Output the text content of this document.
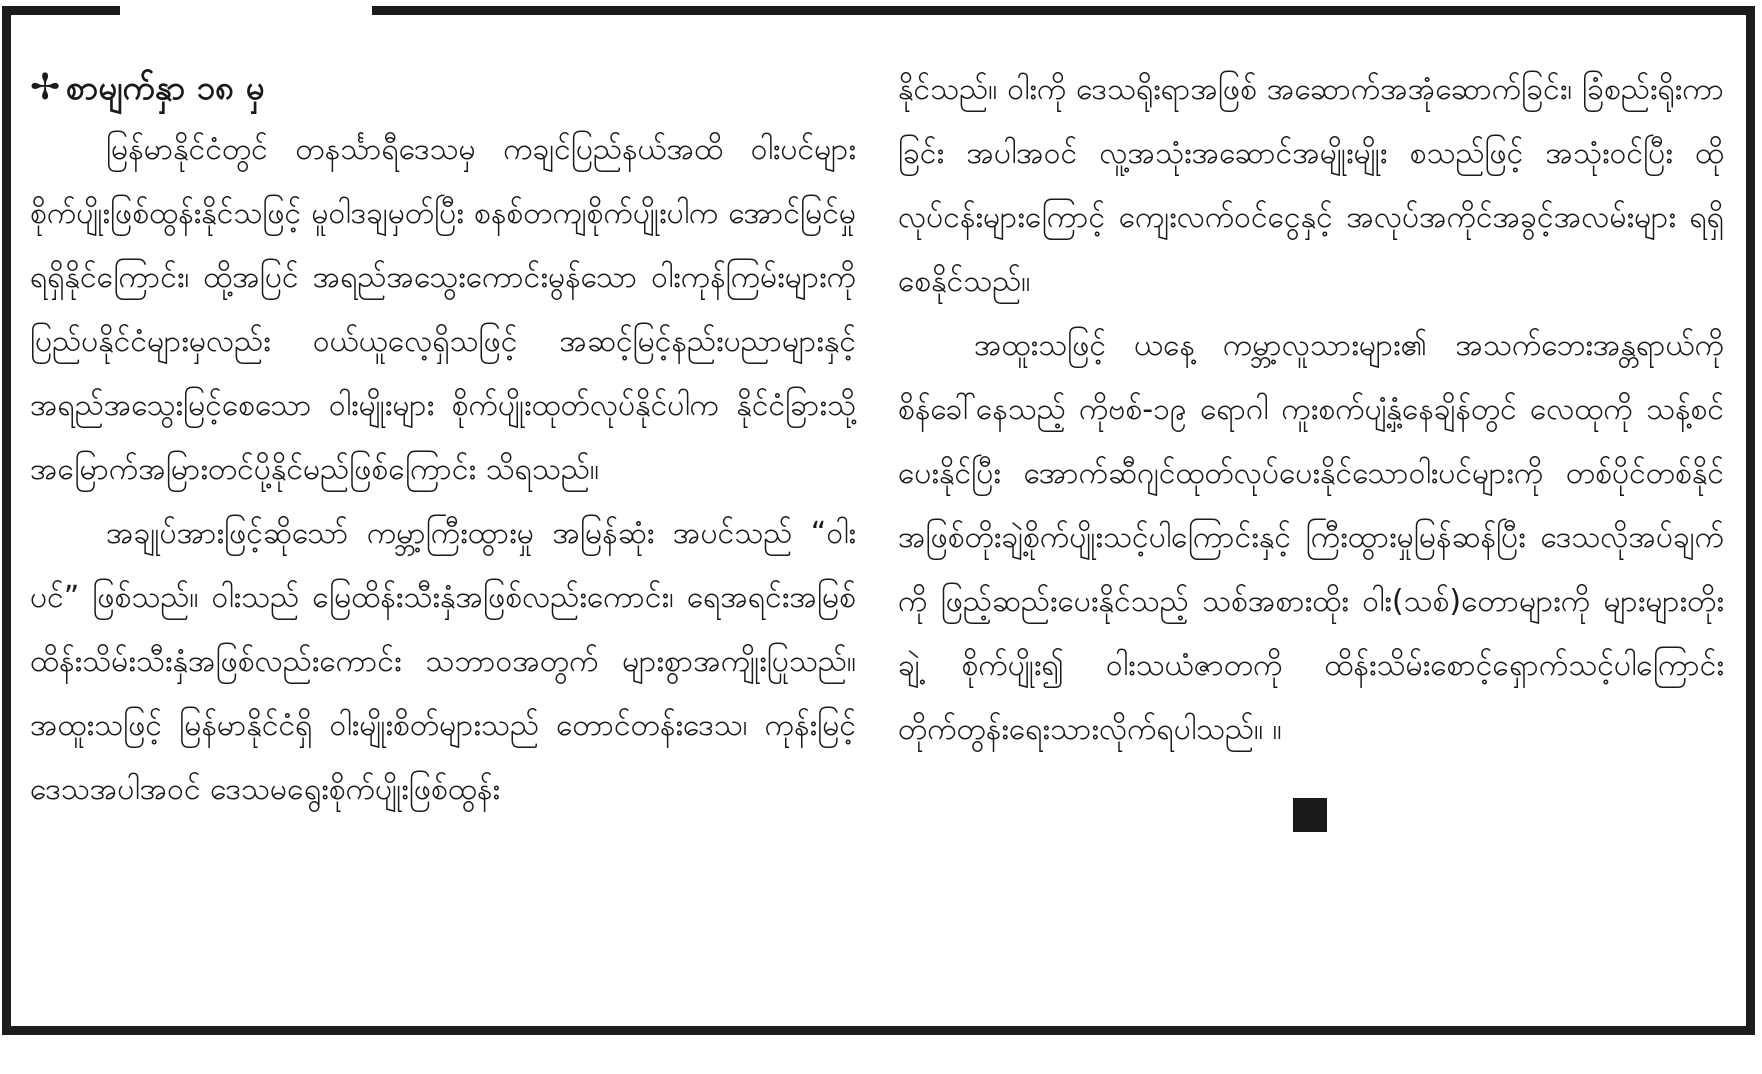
✢ စာမျက်နှာ ၁၈ မှ

မြန်မာနိုင်ငံတွင် တနင်္သာရီဒေသမှ ကချင်ပြည်နယ်အထိ ဝါးပင်များ စိုက်ပျိုးဖြစ်ထွန်းနိုင်သဖြင့် မူဝါဒချမှတ်ပြီး စနစ်တကျစိုက်ပျိုးပါက အောင်မြင်မှုရရှိနိုင်ကြောင်း၊ ထို့အပြင် အရည်အသွေးကောင်းမွန်သော ဝါးကုန်ကြမ်းများကို ပြည်ပနိုင်ငံများမှလည်း ဝယ်ယူလေ့ရှိသဖြင့် အဆင့်မြင့်နည်းပညာများနှင့် အရည်အသွေးမြင့်စေသော ဝါးမျိုးများ စိုက်ပျိုးထုတ်လုပ်နိုင်ပါက နိုင်ငံခြားသို့ အမြောက်အမြားတင်ပို့နိုင်မည်ဖြစ်ကြောင်း သိရသည်။

အချုပ်အားဖြင့်ဆိုသော် ကမ္ဘာ့ကြီးထွားမှု အမြန်ဆုံး အပင်သည် “ဝါးပင်” ဖြစ်သည်။ ဝါးသည် မြေထိန်းသီးနှံအဖြစ်လည်းကောင်း၊ ရေအရင်းအမြစ် ထိန်းသိမ်းသီးနှံအဖြစ်လည်းကောင်း သဘာဝအတွက် များစွာအကျိုးပြုသည်။ အထူးသဖြင့် မြန်မာနိုင်ငံရှိ ဝါးမျိုးစိတ်များသည် တောင်တန်းဒေသ၊ ကုန်းမြင့်ဒေသအပါအဝင် ဒေသမရွေးစိုက်ပျိုးဖြစ်ထွန်း

နိုင်သည်။ ဝါးကို ဒေသရိုးရာအဖြစ် အဆောက်အအုံဆောက်ခြင်း၊ ခြံစည်းရိုးကာခြင်း အပါအဝင် လူ့အသုံးအဆောင်အမျိုးမျိုး စသည်ဖြင့် အသုံးဝင်ပြီး ထိုလုပ်ငန်းများကြောင့် ကျေးလက်ဝင်ငွေနှင့် အလုပ်အကိုင်အခွင့်အလမ်းများ ရရှိစေနိုင်သည်။

အထူးသဖြင့် ယနေ့ ကမ္ဘာ့လူသားများ၏ အသက်ဘေးအန္တရာယ်ကို စိန်ခေါ်နေသည့် ကိုဗစ်-၁၉ ရောဂါ ကူးစက်ပျံ့နှံ့နေချိန်တွင် လေထုကို သန့်စင်ပေးနိုင်ပြီး အောက်ဆီဂျင်ထုတ်လုပ်ပေးနိုင်သောဝါးပင်များကို တစ်ပိုင်တစ်နိုင်အဖြစ်တိုးချဲ့စိုက်ပျိုးသင့်ပါကြောင်းနှင့် ကြီးထွားမှုမြန်ဆန်ပြီး ဒေသလိုအပ်ချက်ကို ဖြည့်ဆည်းပေးနိုင်သည့် သစ်အစားထိုး ဝါး(သစ်)တောများကို များများတိုးချဲ့ စိုက်ပျိုး၍ ဝါးသယံဇာတကို ထိန်းသိမ်းစောင့်ရှောက်သင့်ပါကြောင်း တိုက်တွန်းရေးသားလိုက်ရပါသည်။ ။
